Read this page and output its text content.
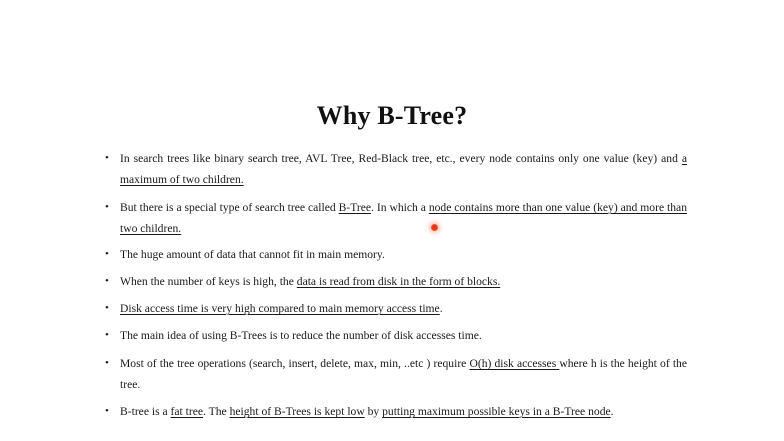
Why B-Tree?
• In search trees like binary search tree, AVL Tree, Red-Black tree, etc., every node contains only one value (key) and a maximum of two children.
• But there is a special type of search tree called B-Tree. In which a node contains more than one value (key) and more than two children.
• The huge amount of data that cannot fit in main memory.
• When the number of keys is high, the data is read from disk in the form of blocks.
• Disk access time is very high compared to main memory access time.
• The main idea of using B-Trees is to reduce the number of disk accesses time.
• Most of the tree operations (search, insert, delete, max, min, ..etc ) require O(h) disk accesses where h is the height of the tree.
• B-tree is a fat tree. The height of B-Trees is kept low by putting maximum possible keys in a B-Tree node.
